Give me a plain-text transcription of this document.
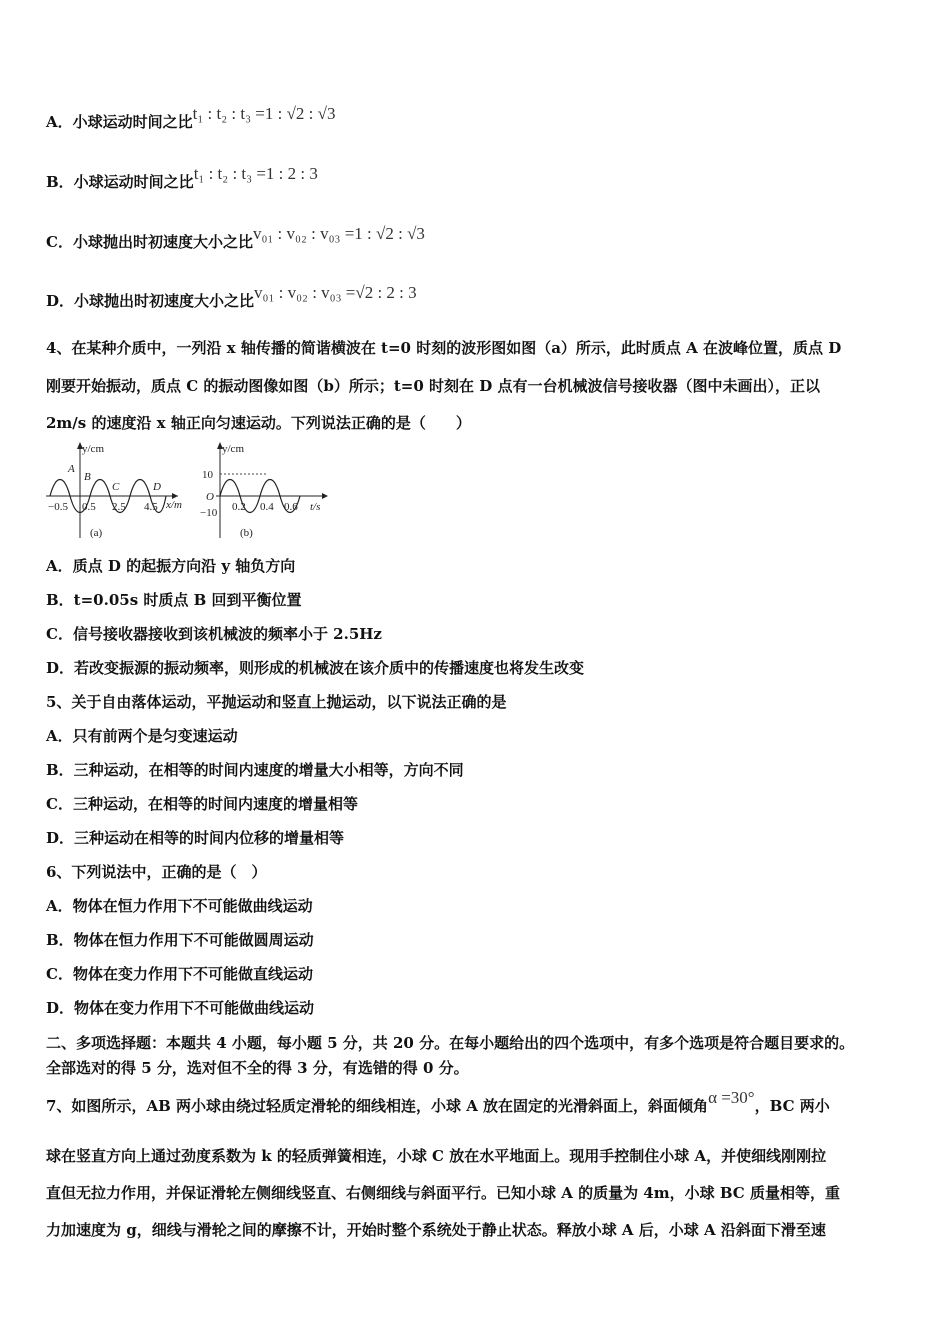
A．小球运动时间之比t₁ : t₂ : t₃ =1 : √2 : √3
B．小球运动时间之比t₁ : t₂ : t₃ =1 : 2 : 3
C．小球抛出时初速度大小之比v₀₁ : v₀₂ : v₀₃ =1 : √2 : √3
D．小球抛出时初速度大小之比v₀₁ : v₀₂ : v₀₃ =√2 : 2 : 3
4、在某种介质中，一列沿 x 轴传播的简谐横波在 t=0 时刻的波形图如图（a）所示，此时质点 A 在波峰位置，质点 D
刚要开始振动，质点 C 的振动图像如图（b）所示；t=0 时刻在 D 点有一台机械波信号接收器（图中未画出），正以
2m/s 的速度沿 x 轴正向匀速运动。下列说法正确的是（　　）
y/cm
A
B
C	D
−0.5 0.5 2.5 4.5 x/m
(a)
y/cm
10
O
−10 0.2 0.4 0.6 t/s
(b)
A．质点 D 的起振方向沿 y 轴负方向
B．t=0.05s 时质点 B 回到平衡位置
C．信号接收器接收到该机械波的频率小于 2.5Hz
D．若改变振源的振动频率，则形成的机械波在该介质中的传播速度也将发生改变
5、关于自由落体运动，平抛运动和竖直上抛运动，以下说法正确的是
A．只有前两个是匀变速运动
B．三种运动，在相等的时间内速度的增量大小相等，方向不同
C．三种运动，在相等的时间内速度的增量相等
D．三种运动在相等的时间内位移的增量相等
6、下列说法中，正确的是（　）
A．物体在恒力作用下不可能做曲线运动
B．物体在恒力作用下不可能做圆周运动
C．物体在变力作用下不可能做直线运动
D．物体在变力作用下不可能做曲线运动
二、多项选择题：本题共 4 小题，每小题 5 分，共 20 分。在每小题给出的四个选项中，有多个选项是符合题目要求的。
全部选对的得 5 分，选对但不全的得 3 分，有选错的得 0 分。
7、如图所示，AB 两小球由绕过轻质定滑轮的细线相连，小球 A 放在固定的光滑斜面上，斜面倾角α =30°，BC 两小
球在竖直方向上通过劲度系数为 k 的轻质弹簧相连，小球 C 放在水平地面上。现用手控制住小球 A，并使细线刚刚拉
直但无拉力作用，并保证滑轮左侧细线竖直、右侧细线与斜面平行。已知小球 A 的质量为 4m，小球 BC 质量相等，重
力加速度为 g，细线与滑轮之间的摩擦不计，开始时整个系统处于静止状态。释放小球 A 后，小球 A 沿斜面下滑至速
